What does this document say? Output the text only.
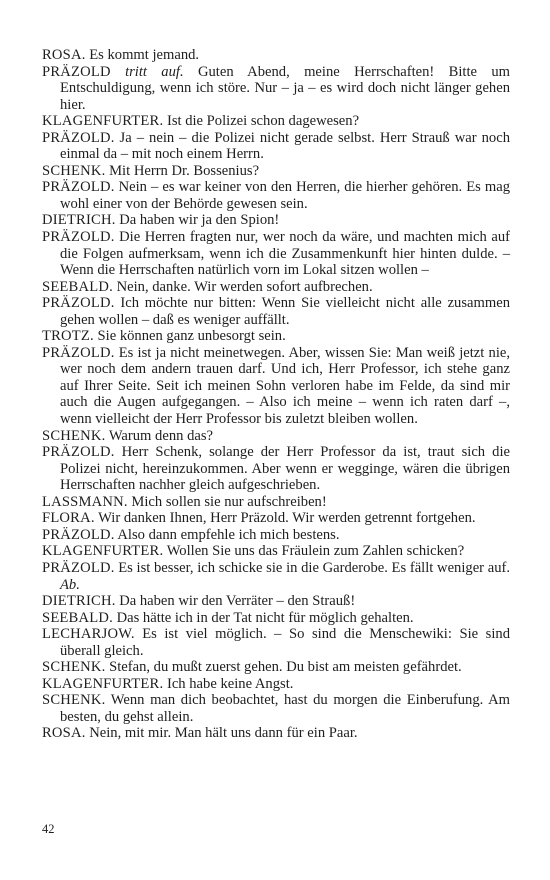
ROSA. Es kommt jemand.

PRÄZOLD tritt auf. Guten Abend, meine Herrschaften! Bitte um Entschuldigung, wenn ich störe. Nur – ja – es wird doch nicht länger gehen hier.

KLAGENFURTER. Ist die Polizei schon dagewesen?

PRÄZOLD. Ja – nein – die Polizei nicht gerade selbst. Herr Strauß war noch einmal da – mit noch einem Herrn.

SCHENK. Mit Herrn Dr. Bossenius?

PRÄZOLD. Nein – es war keiner von den Herren, die hierher gehören. Es mag wohl einer von der Behörde gewesen sein.

DIETRICH. Da haben wir ja den Spion!

PRÄZOLD. Die Herren fragten nur, wer noch da wäre, und machten mich auf die Folgen aufmerksam, wenn ich die Zusammenkunft hier hinten dulde. – Wenn die Herrschaften natürlich vorn im Lokal sitzen wollen –

SEEBALD. Nein, danke. Wir werden sofort aufbrechen.

PRÄZOLD. Ich möchte nur bitten: Wenn Sie vielleicht nicht alle zusammen gehen wollen – daß es weniger auffällt.

TROTZ. Sie können ganz unbesorgt sein.

PRÄZOLD. Es ist ja nicht meinetwegen. Aber, wissen Sie: Man weiß jetzt nie, wer noch dem andern trauen darf. Und ich, Herr Professor, ich stehe ganz auf Ihrer Seite. Seit ich meinen Sohn verloren habe im Felde, da sind mir auch die Augen aufgegangen. – Also ich meine – wenn ich raten darf –, wenn vielleicht der Herr Professor bis zuletzt bleiben wollen.

SCHENK. Warum denn das?

PRÄZOLD. Herr Schenk, solange der Herr Professor da ist, traut sich die Polizei nicht, hereinzukommen. Aber wenn er wegginge, wären die übrigen Herrschaften nachher gleich aufgeschrieben.

LASSMANN. Mich sollen sie nur aufschreiben!

FLORA. Wir danken Ihnen, Herr Präzold. Wir werden getrennt fortgehen.

PRÄZOLD. Also dann empfehle ich mich bestens.

KLAGENFURTER. Wollen Sie uns das Fräulein zum Zahlen schicken?

PRÄZOLD. Es ist besser, ich schicke sie in die Garderobe. Es fällt weniger auf. Ab.

DIETRICH. Da haben wir den Verräter – den Strauß!

SEEBALD. Das hätte ich in der Tat nicht für möglich gehalten.

LECHARJOW. Es ist viel möglich. – So sind die Menschewiki: Sie sind überall gleich.

SCHENK. Stefan, du mußt zuerst gehen. Du bist am meisten gefährdet.

KLAGENFURTER. Ich habe keine Angst.

SCHENK. Wenn man dich beobachtet, hast du morgen die Einberufung. Am besten, du gehst allein.

ROSA. Nein, mit mir. Man hält uns dann für ein Paar.

42
